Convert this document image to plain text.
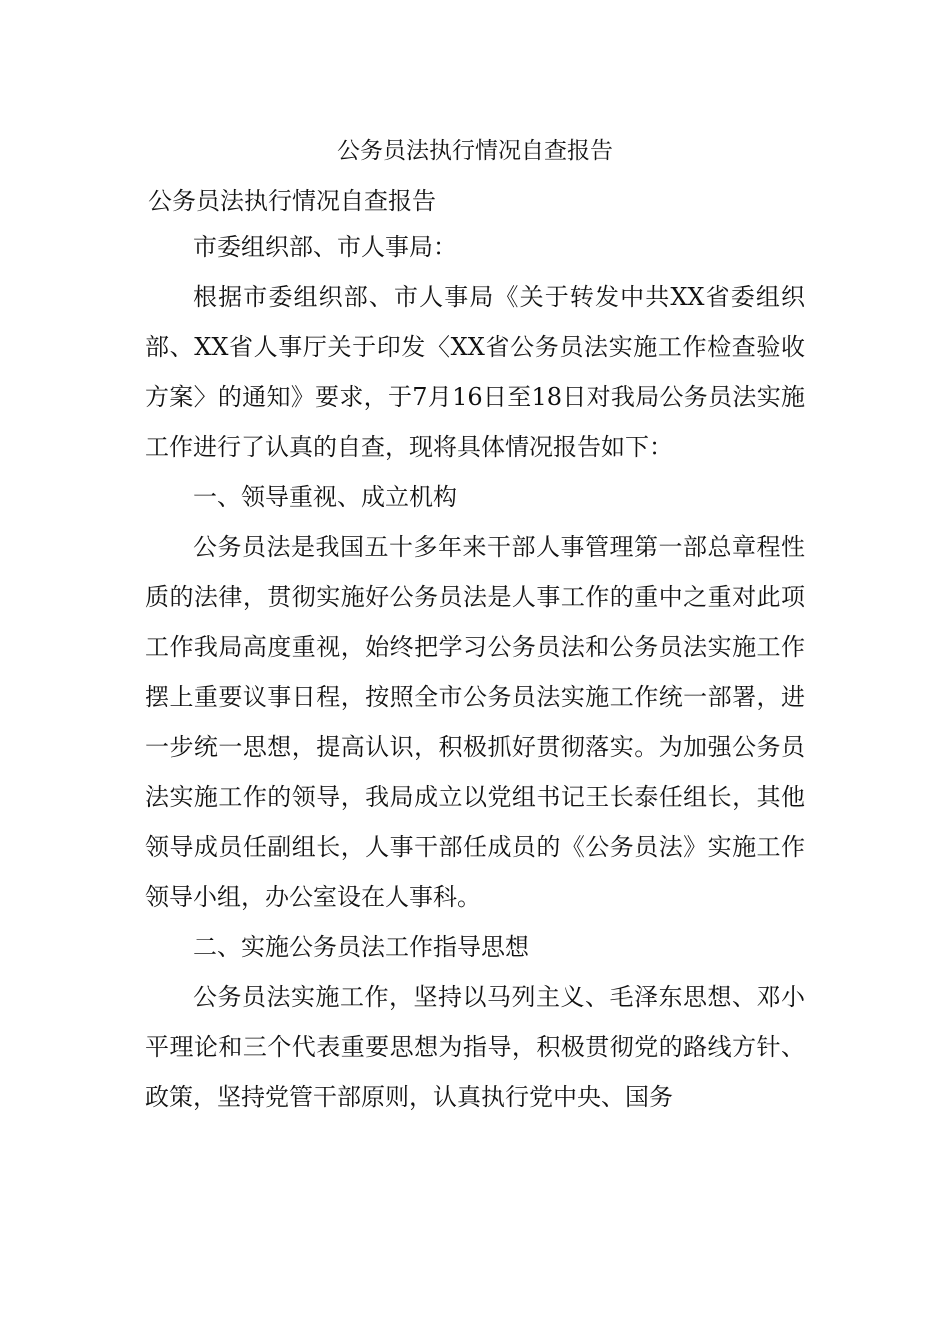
公务员法执行情况自查报告
公务员法执行情况自查报告

市委组织部、市人事局：

根据市委组织部、市人事局《关于转发中共XX省委组织部、XX省人事厅关于印发〈XX省公务员法实施工作检查验收方案〉的通知》要求，于7月16日至18日对我局公务员法实施工作进行了认真的自查，现将具体情况报告如下：

一、领导重视、成立机构

公务员法是我国五十多年来干部人事管理第一部总章程性质的法律，贯彻实施好公务员法是人事工作的重中之重对此项工作我局高度重视，始终把学习公务员法和公务员法实施工作摆上重要议事日程，按照全市公务员法实施工作统一部署，进一步统一思想，提高认识，积极抓好贯彻落实。为加强公务员法实施工作的领导，我局成立以党组书记王长泰任组长，其他领导成员任副组长，人事干部任成员的《公务员法》实施工作领导小组，办公室设在人事科。

二、实施公务员法工作指导思想

公务员法实施工作，坚持以马列主义、毛泽东思想、邓小平理论和三个代表重要思想为指导，积极贯彻党的路线方针、政策，坚持党管干部原则，认真执行党中央、国务
